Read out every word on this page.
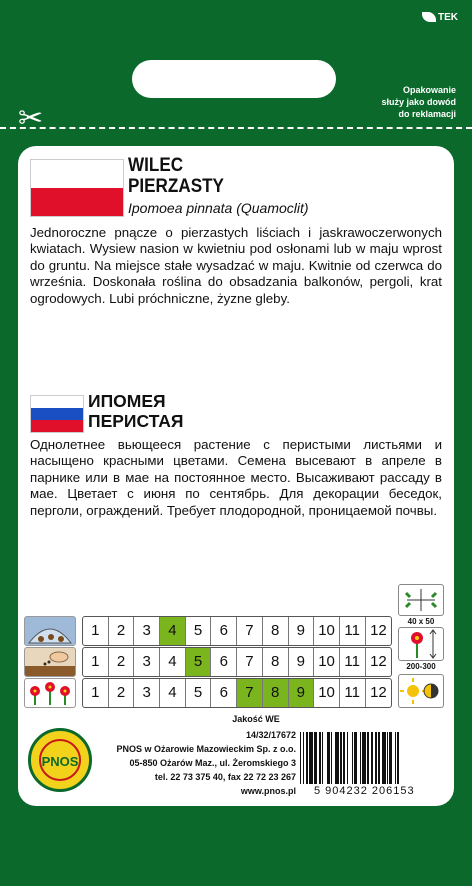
TEK
Opakowanie
służy jako dowód
do reklamacji
✂
WILEC
PIERZASTY
Ipomoea pinnata (Quamoclit)
Jednoroczne pnącze o pierzastych liściach i jaskrawoczerwonych kwiatach. Wysiew nasion w kwietniu pod osłonami lub w maju wprost do gruntu. Na miejsce stałe wysadzać w maju. Kwitnie od czerwca do września. Doskonała roślina do obsadzania balkonów, pergoli, krat ogrodowych. Lubi próchniczne, żyzne gleby.
ИПОМЕЯ
ПЕРИСТАЯ
Однолетнее вьющееся растение с перистыми листьями и насыщено красными цветами. Семена высевают в апреле в парнике или в мае на постоянное место. Высаживают рассаду в мае. Цветает с июня по сентябрь. Для декорации беседок, перголи, ограждений. Требует плодородной, проницаемой почвы.
1	2	3	4	5	6	7	8	9 10 11 12
1	2	3	4	5	6	7	8	9 10 11 12
1	2	3	4	5	6	7	8	9 10 11 12
40 x 50
200-300
Jakość WE
14/32/17672
PNOS w Ożarowie Mazowieckim Sp. z o.o.
05-850 Ożarów Maz., ul. Żeromskiego 3
tel. 22 73 375 40, fax 22 72 23 267
www.pnos.pl
PNOS
5 904232 206153
